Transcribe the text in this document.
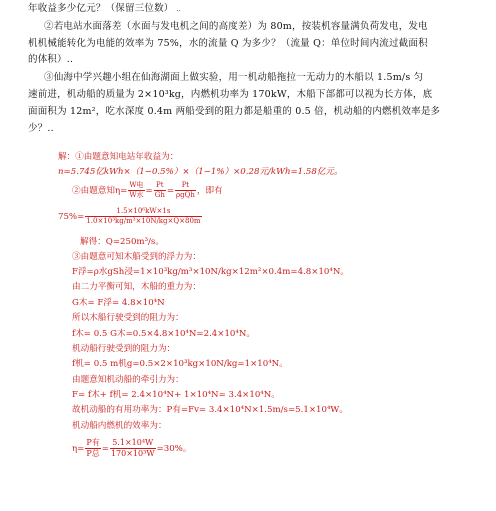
年收益多少亿元？（保留三位数） ..
②若电站水面落差（水面与发电机之间的高度差）为 80m，按装机容量满负荷发电，发电
机机械能转化为电能的效率为 75%，水的流量 Q 为多少？（流量 Q：单位时间内流过截面积
的体积）..
③仙海中学兴趣小组在仙海湖面上做实验，用一机动船拖拉一无动力的木船以 1.5m/s 匀
速前进，机动船的质量为 2×10³kg，内燃机功率为 170kW，木船下部都可以视为长方体，底
面面积为 12m²，吃水深度 0.4m 两船受到的阻力都是船重的 0.5 倍，机动船的内燃机效率是多
少？..
解：①由题意知电站年收益为：
n=5.745亿kWh×（1−0.5%）×（1−1%）×0.28元/kWh=1.58亿元。
②由题意知$\eta= \frac{\text{W电}}{\text{W水}} = \frac{Pt}{Gh} = \frac{Pt}{\text{ρgQh}}$ ，即有
$75\%= \frac{\text{1.5×10⁶kW×1s}}{\text{1.0×10³kg/m³×10N/kg×Q×80m}}$
解得：Q=250m³/s。
③由题意可知木船受到的浮力为：
F浮=ρ水gSh浸=1×10³kg/m³×10N/kg×12m²×0.4m=4.8×10⁴N。
由二力平衡可知，木船的重力为：
G木= F浮= 4.8×10⁴N
所以木船行驶受到的阻力为：
f木= 0.5 G木=0.5×4.8×10⁴N=2.4×10⁴N。
机动船行驶受到的阻力为：
f机= 0.5 m机g=0.5×2×10³kg×10N/kg=1×10⁴N。
由题意知机动船的牵引力为：
F= f木+ f机= 2.4×10⁴N+ 1×10⁴N= 3.4×10⁴N。
故机动船的有用功率为：P有=Fv= 3.4×10⁴N×1.5m/s=5.1×10⁴W。
机动船内燃机的效率为：
$\eta= \frac{\text{P有}}{\text{P总}} = \frac{\text{5.1×10⁴W}}{\text{170×10³W}} =30\%$。
